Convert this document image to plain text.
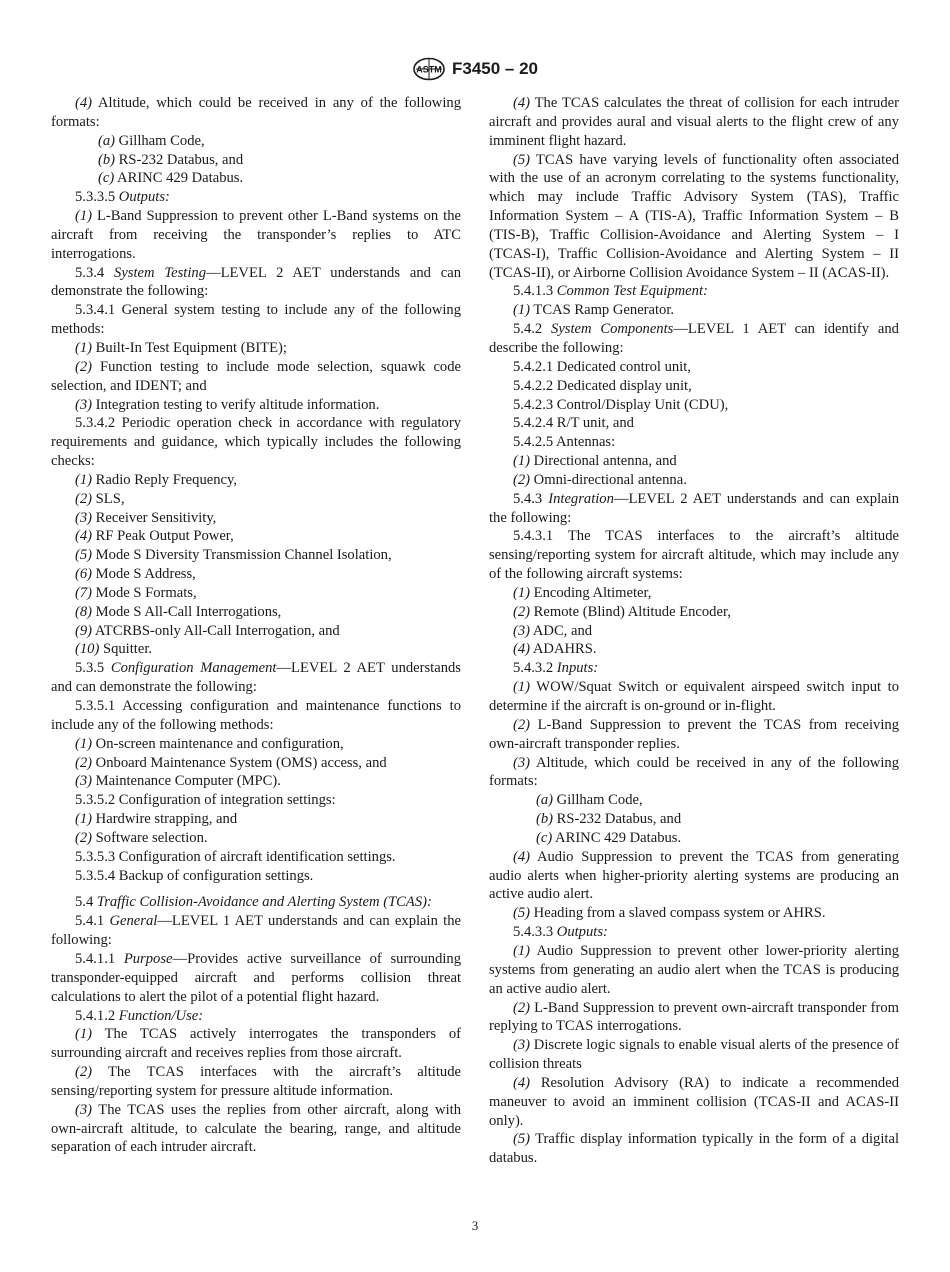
ASTM F3450 – 20

(4) Altitude, which could be received in any of the following formats:

(a) Gillham Code,

(b) RS-232 Databus, and

(c) ARINC 429 Databus.

5.3.3.5 Outputs:

(1) L-Band Suppression to prevent other L-Band systems on the aircraft from receiving the transponder’s replies to ATC interrogations.

5.3.4 System Testing—LEVEL 2 AET understands and can demonstrate the following:

5.3.4.1 General system testing to include any of the following methods:

(1) Built-In Test Equipment (BITE);

(2) Function testing to include mode selection, squawk code selection, and IDENT; and

(3) Integration testing to verify altitude information.

5.3.4.2 Periodic operation check in accordance with regulatory requirements and guidance, which typically includes the following checks:

(1) Radio Reply Frequency,

(2) SLS,

(3) Receiver Sensitivity,

(4) RF Peak Output Power,

(5) Mode S Diversity Transmission Channel Isolation,

(6) Mode S Address,

(7) Mode S Formats,

(8) Mode S All-Call Interrogations,

(9) ATCRBS-only All-Call Interrogation, and

(10) Squitter.

5.3.5 Configuration Management—LEVEL 2 AET understands and can demonstrate the following:

5.3.5.1 Accessing configuration and maintenance functions to include any of the following methods:

(1) On-screen maintenance and configuration,

(2) Onboard Maintenance System (OMS) access, and

(3) Maintenance Computer (MPC).

5.3.5.2 Configuration of integration settings:

(1) Hardwire strapping, and

(2) Software selection.

5.3.5.3 Configuration of aircraft identification settings.

5.3.5.4 Backup of configuration settings.

5.4 Traffic Collision-Avoidance and Alerting System (TCAS):

5.4.1 General—LEVEL 1 AET understands and can explain the following:

5.4.1.1 Purpose—Provides active surveillance of surrounding transponder-equipped aircraft and performs collision threat calculations to alert the pilot of a potential flight hazard.

5.4.1.2 Function/Use:

(1) The TCAS actively interrogates the transponders of surrounding aircraft and receives replies from those aircraft.

(2) The TCAS interfaces with the aircraft’s altitude sensing/reporting system for pressure altitude information.

(3) The TCAS uses the replies from other aircraft, along with own-aircraft altitude, to calculate the bearing, range, and altitude separation of each intruder aircraft.

(4) The TCAS calculates the threat of collision for each intruder aircraft and provides aural and visual alerts to the flight crew of any imminent flight hazard.

(5) TCAS have varying levels of functionality often associated with the use of an acronym correlating to the systems functionality, which may include Traffic Advisory System (TAS), Traffic Information System – A (TIS-A), Traffic Information System – B (TIS-B), Traffic Collision-Avoidance and Alerting System – I (TCAS-I), Traffic Collision-Avoidance and Alerting System – II (TCAS-II), or Airborne Collision Avoidance System – II (ACAS-II).

5.4.1.3 Common Test Equipment:

(1) TCAS Ramp Generator.

5.4.2 System Components—LEVEL 1 AET can identify and describe the following:

5.4.2.1 Dedicated control unit,

5.4.2.2 Dedicated display unit,

5.4.2.3 Control/Display Unit (CDU),

5.4.2.4 R/T unit, and

5.4.2.5 Antennas:

(1) Directional antenna, and

(2) Omni-directional antenna.

5.4.3 Integration—LEVEL 2 AET understands and can explain the following:

5.4.3.1 The TCAS interfaces to the aircraft’s altitude sensing/reporting system for aircraft altitude, which may include any of the following aircraft systems:

(1) Encoding Altimeter,

(2) Remote (Blind) Altitude Encoder,

(3) ADC, and

(4) ADAHRS.

5.4.3.2 Inputs:

(1) WOW/Squat Switch or equivalent airspeed switch input to determine if the aircraft is on-ground or in-flight.

(2) L-Band Suppression to prevent the TCAS from receiving own-aircraft transponder replies.

(3) Altitude, which could be received in any of the following formats:

(a) Gillham Code,

(b) RS-232 Databus, and

(c) ARINC 429 Databus.

(4) Audio Suppression to prevent the TCAS from generating audio alerts when higher-priority alerting systems are producing an active audio alert.

(5) Heading from a slaved compass system or AHRS.

5.4.3.3 Outputs:

(1) Audio Suppression to prevent other lower-priority alerting systems from generating an audio alert when the TCAS is producing an active audio alert.

(2) L-Band Suppression to prevent own-aircraft transponder from replying to TCAS interrogations.

(3) Discrete logic signals to enable visual alerts of the presence of collision threats

(4) Resolution Advisory (RA) to indicate a recommended maneuver to avoid an imminent collision (TCAS-II and ACAS-II only).

(5) Traffic display information typically in the form of a digital databus.

3
